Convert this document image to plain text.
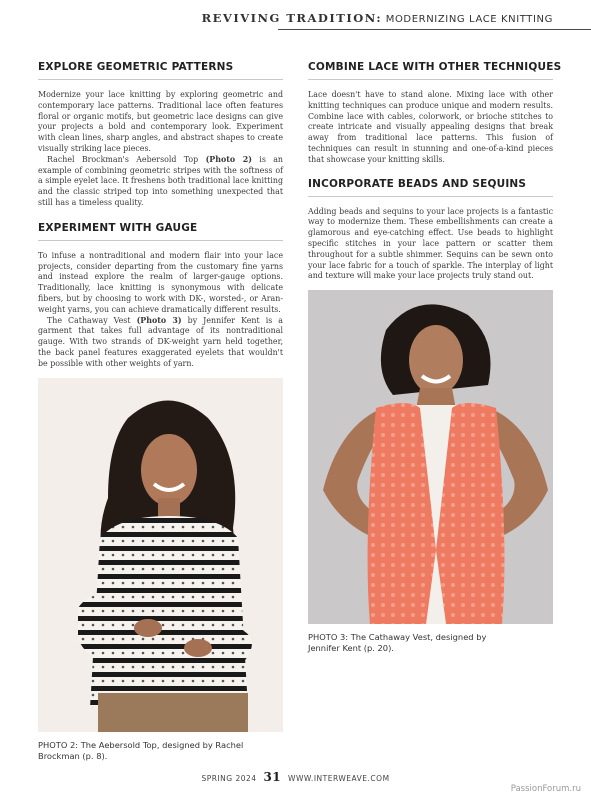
REVIVING TRADITION: MODERNIZING LACE KNITTING
EXPLORE GEOMETRIC PATTERNS

Modernize your lace knitting by exploring geometric and contemporary lace patterns. Traditional lace often features floral or organic motifs, but geometric lace designs can give your projects a bold and contemporary look. Experiment with clean lines, sharp angles, and abstract shapes to create visually striking lace pieces.

Rachel Brockman's Aebersold Top (Photo 2) is an example of combining geometric stripes with the softness of a simple eyelet lace. It freshens both traditional lace knitting and the classic striped top into something unexpected that still has a timeless quality.

EXPERIMENT WITH GAUGE

To infuse a nontraditional and modern flair into your lace projects, consider departing from the customary fine yarns and instead explore the realm of larger-gauge options. Traditionally, lace knitting is synonymous with delicate fibers, but by choosing to work with DK-, worsted-, or Aran-weight yarns, you can achieve dramatically different results.

The Cathaway Vest (Photo 3) by Jennifer Kent is a garment that takes full advantage of its nontraditional gauge. With two strands of DK-weight yarn held together, the back panel features exaggerated eyelets that wouldn't be possible with other weights of yarn.

PHOTO 2: The Aebersold Top, designed by Rachel Brockman (p. 8).
COMBINE LACE WITH OTHER TECHNIQUES

Lace doesn't have to stand alone. Mixing lace with other knitting techniques can produce unique and modern results. Combine lace with cables, colorwork, or brioche stitches to create intricate and visually appealing designs that break away from traditional lace patterns. This fusion of techniques can result in stunning and one-of-a-kind pieces that showcase your knitting skills.

INCORPORATE BEADS AND SEQUINS

Adding beads and sequins to your lace projects is a fantastic way to modernize them. These embellishments can create a glamorous and eye-catching effect. Use beads to highlight specific stitches in your lace pattern or scatter them throughout for a subtle shimmer. Sequins can be sewn onto your lace fabric for a touch of sparkle. The interplay of light and texture will make your lace projects truly stand out.

PHOTO 3: The Cathaway Vest, designed by Jennifer Kent (p. 20).
SPRING 2024 31 WWW.INTERWEAVE.COM
PassionForum.ru
